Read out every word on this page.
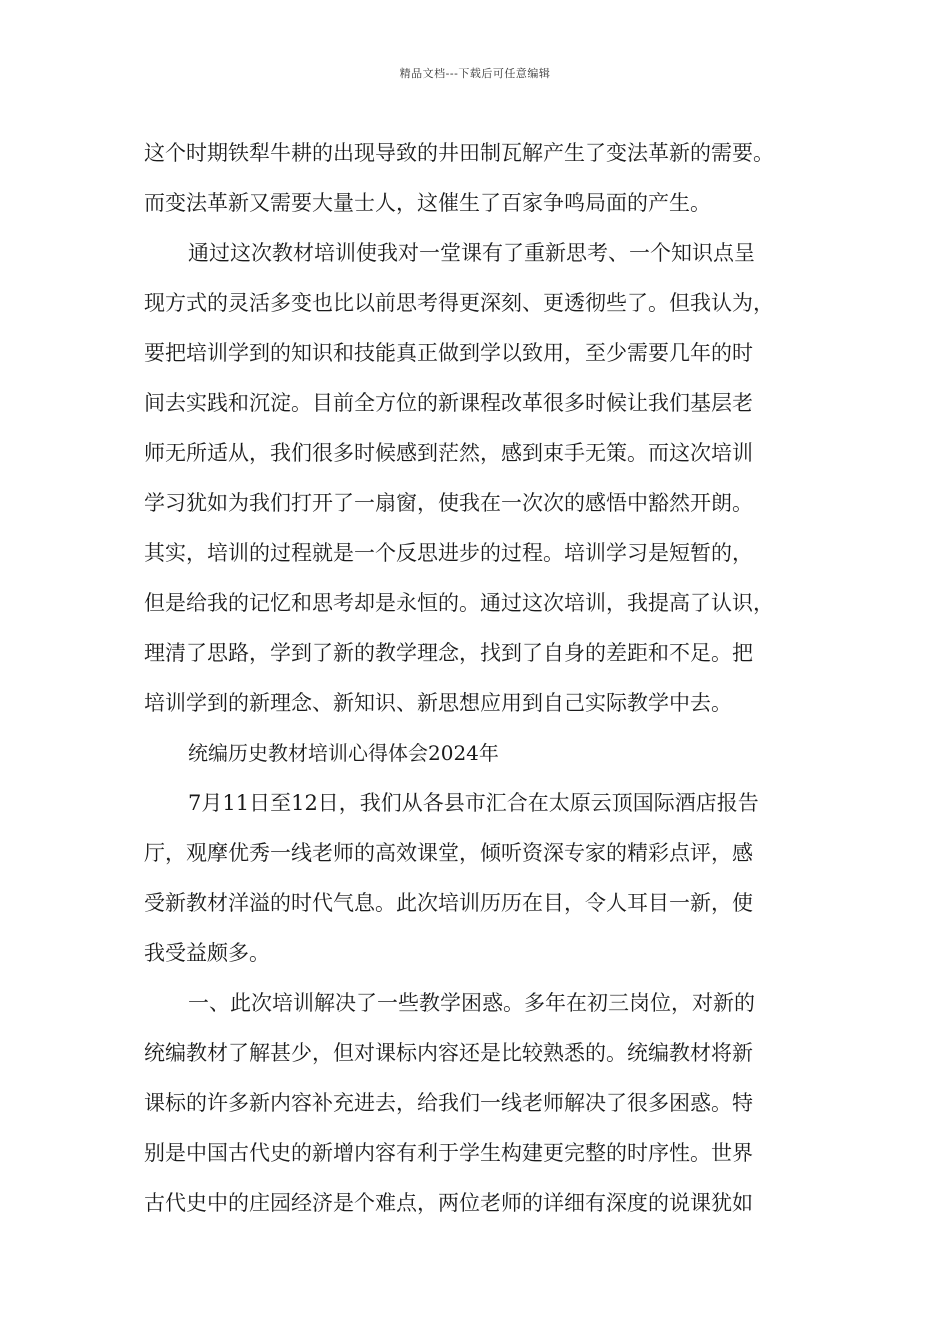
精品文档---下载后可任意编辑
这个时期铁犁牛耕的出现导致的井田制瓦解产生了变法革新的需要。
而变法革新又需要大量士人，这催生了百家争鸣局面的产生。
通过这次教材培训使我对一堂课有了重新思考、一个知识点呈
现方式的灵活多变也比以前思考得更深刻、更透彻些了。但我认为，
要把培训学到的知识和技能真正做到学以致用，至少需要几年的时
间去实践和沉淀。目前全方位的新课程改革很多时候让我们基层老
师无所适从，我们很多时候感到茫然，感到束手无策。而这次培训
学习犹如为我们打开了一扇窗，使我在一次次的感悟中豁然开朗。
其实，培训的过程就是一个反思进步的过程。培训学习是短暂的，
但是给我的记忆和思考却是永恒的。通过这次培训，我提高了认识，
理清了思路，学到了新的教学理念，找到了自身的差距和不足。把
培训学到的新理念、新知识、新思想应用到自己实际教学中去。
统编历史教材培训心得体会2024年
7月11日至12日，我们从各县市汇合在太原云顶国际酒店报告
厅，观摩优秀一线老师的高效课堂，倾听资深专家的精彩点评，感
受新教材洋溢的时代气息。此次培训历历在目，令人耳目一新，使
我受益颇多。
一、此次培训解决了一些教学困惑。多年在初三岗位，对新的
统编教材了解甚少，但对课标内容还是比较熟悉的。统编教材将新
课标的许多新内容补充进去，给我们一线老师解决了很多困惑。特
别是中国古代史的新增内容有利于学生构建更完整的时序性。世界
古代史中的庄园经济是个难点，两位老师的详细有深度的说课犹如
